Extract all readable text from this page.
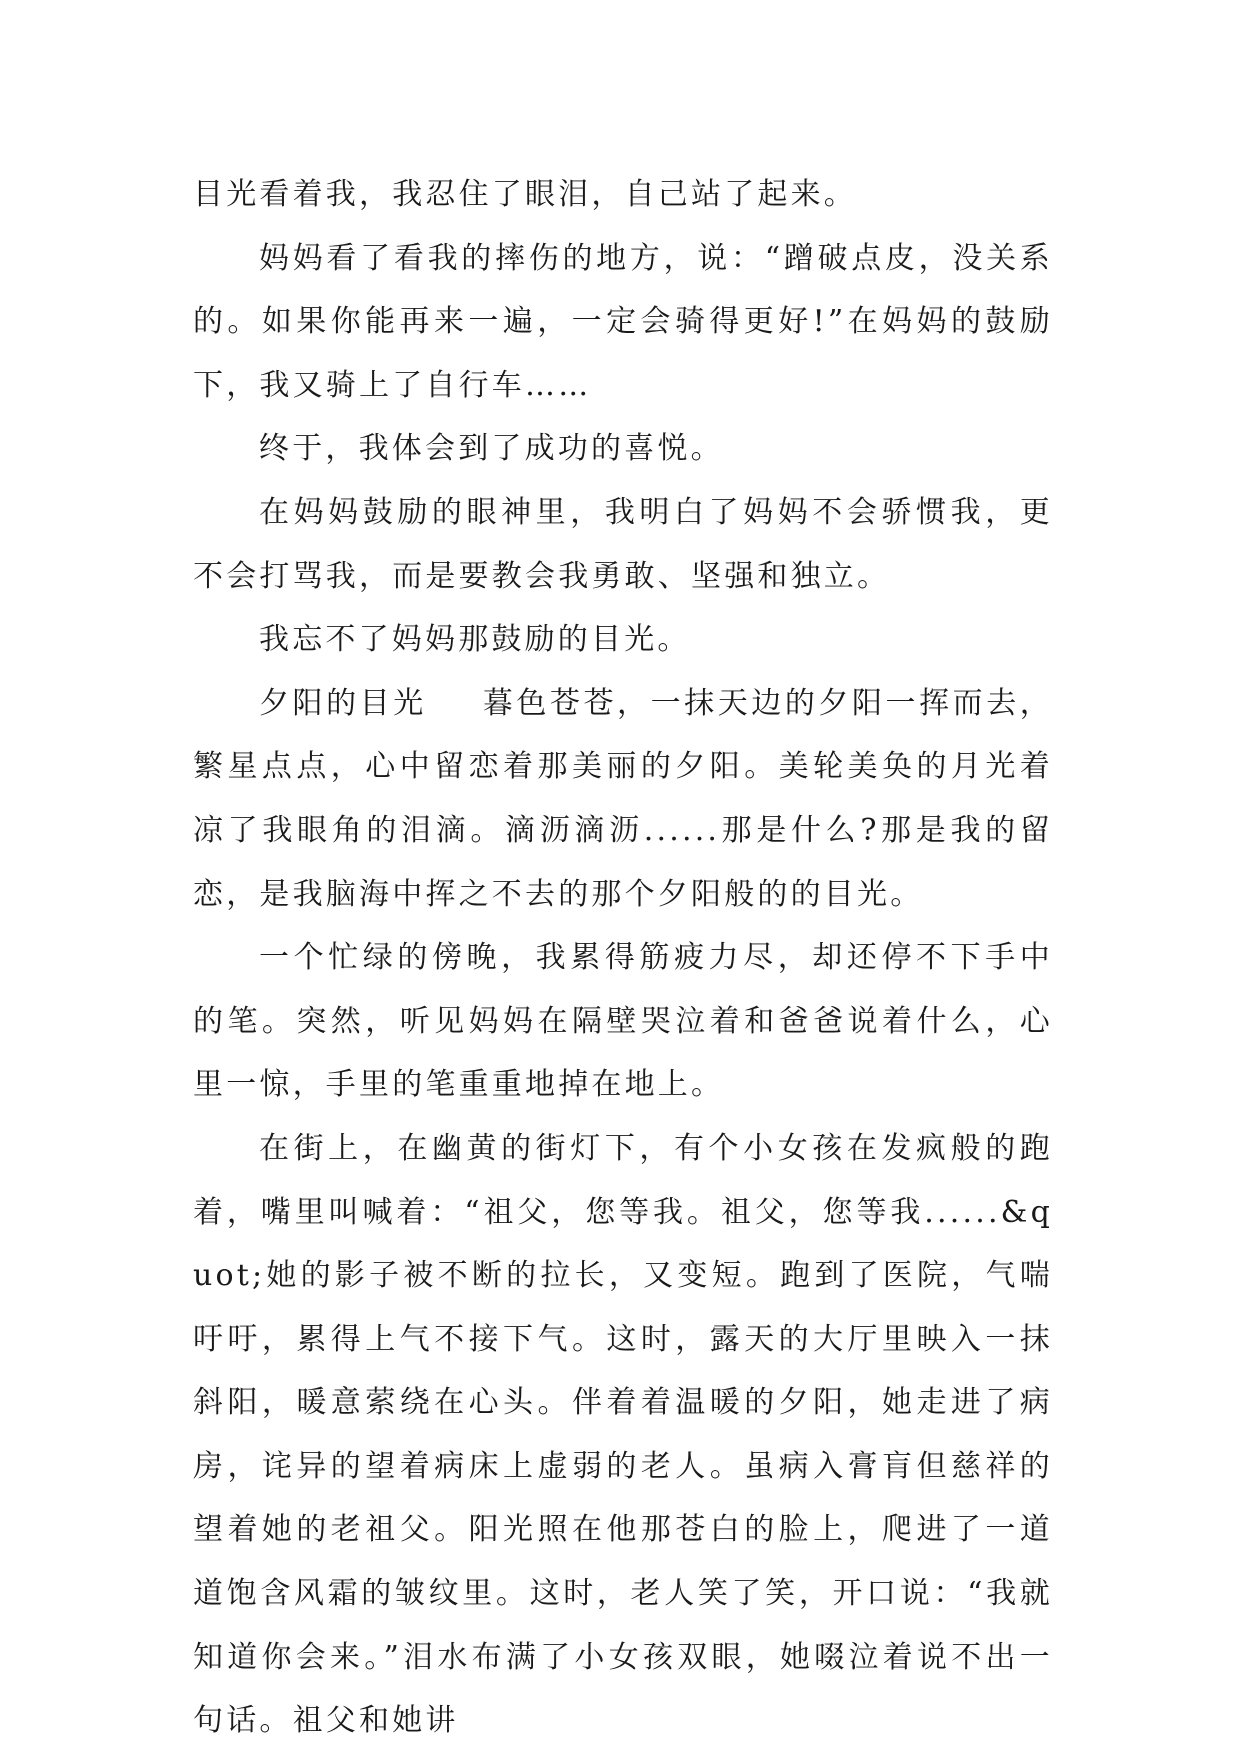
目光看着我，我忍住了眼泪，自己站了起来。

妈妈看了看我的摔伤的地方，说：“蹭破点皮，没关系的。如果你能再来一遍，一定会骑得更好!”在妈妈的鼓励下，我又骑上了自行车……

终于，我体会到了成功的喜悦。

在妈妈鼓励的眼神里，我明白了妈妈不会骄惯我，更不会打骂我，而是要教会我勇敢、坚强和独立。

我忘不了妈妈那鼓励的目光。

夕阳的目光 暮色苍苍，一抹天边的夕阳一挥而去，繁星点点，心中留恋着那美丽的夕阳。美轮美奂的月光着凉了我眼角的泪滴。滴沥滴沥......那是什么?那是我的留恋，是我脑海中挥之不去的那个夕阳般的的目光。

一个忙绿的傍晚，我累得筋疲力尽，却还停不下手中的笔。突然，听见妈妈在隔壁哭泣着和爸爸说着什么，心里一惊，手里的笔重重地掉在地上。

在街上，在幽黄的街灯下，有个小女孩在发疯般的跑着，嘴里叫喊着：“祖父，您等我。祖父，您等我......&quot;她的影子被不断的拉长，又变短。跑到了医院，气喘吁吁，累得上气不接下气。这时，露天的大厅里映入一抹斜阳，暖意萦绕在心头。伴着着温暖的夕阳，她走进了病房，诧异的望着病床上虚弱的老人。虽病入膏肓但慈祥的望着她的老祖父。阳光照在他那苍白的脸上，爬进了一道道饱含风霜的皱纹里。这时，老人笑了笑，开口说：“我就知道你会来。”泪水布满了小女孩双眼，她啜泣着说不出一句话。祖父和她讲
